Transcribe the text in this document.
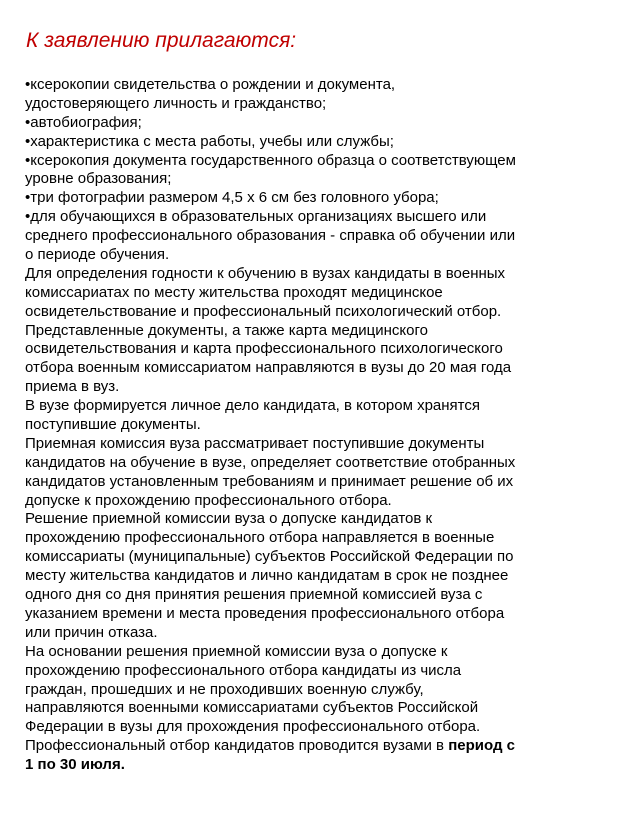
К заявлению прилагаются:
•ксерокопии свидетельства о рождении и документа,
удостоверяющего личность и гражданство;
•автобиография;
•характеристика с места работы, учебы или службы;
•ксерокопия документа государственного образца о соответствующем
уровне образования;
•три фотографии размером 4,5 х 6 см без головного убора;
•для обучающихся в образовательных организациях высшего или
среднего профессионального образования - справка об обучении или
о периоде обучения.
Для определения годности к обучению в вузах кандидаты в военных
комиссариатах по месту жительства проходят медицинское
освидетельствование и профессиональный психологический отбор.
Представленные документы, а также карта медицинского
освидетельствования и карта профессионального психологического
отбора военным комиссариатом направляются в вузы до 20 мая года
приема в вуз.
В вузе формируется личное дело кандидата, в котором хранятся
поступившие документы.
Приемная комиссия вуза рассматривает поступившие документы
кандидатов на обучение в вузе, определяет соответствие отобранных
кандидатов установленным требованиям и принимает решение об их
допуске к прохождению профессионального отбора.
Решение приемной комиссии вуза о допуске кандидатов к
прохождению профессионального отбора направляется в военные
комиссариаты (муниципальные) субъектов Российской Федерации по
месту жительства кандидатов и лично кандидатам в срок не позднее
одного дня со дня принятия решения приемной комиссией вуза с
указанием времени и места проведения профессионального отбора
или причин отказа.
На основании решения приемной комиссии вуза о допуске к
прохождению профессионального отбора кандидаты из числа
граждан, прошедших и не проходивших военную службу,
направляются военными комиссариатами субъектов Российской
Федерации в вузы для прохождения профессионального отбора.
Профессиональный отбор кандидатов проводится вузами в период с
1 по 30 июля.
